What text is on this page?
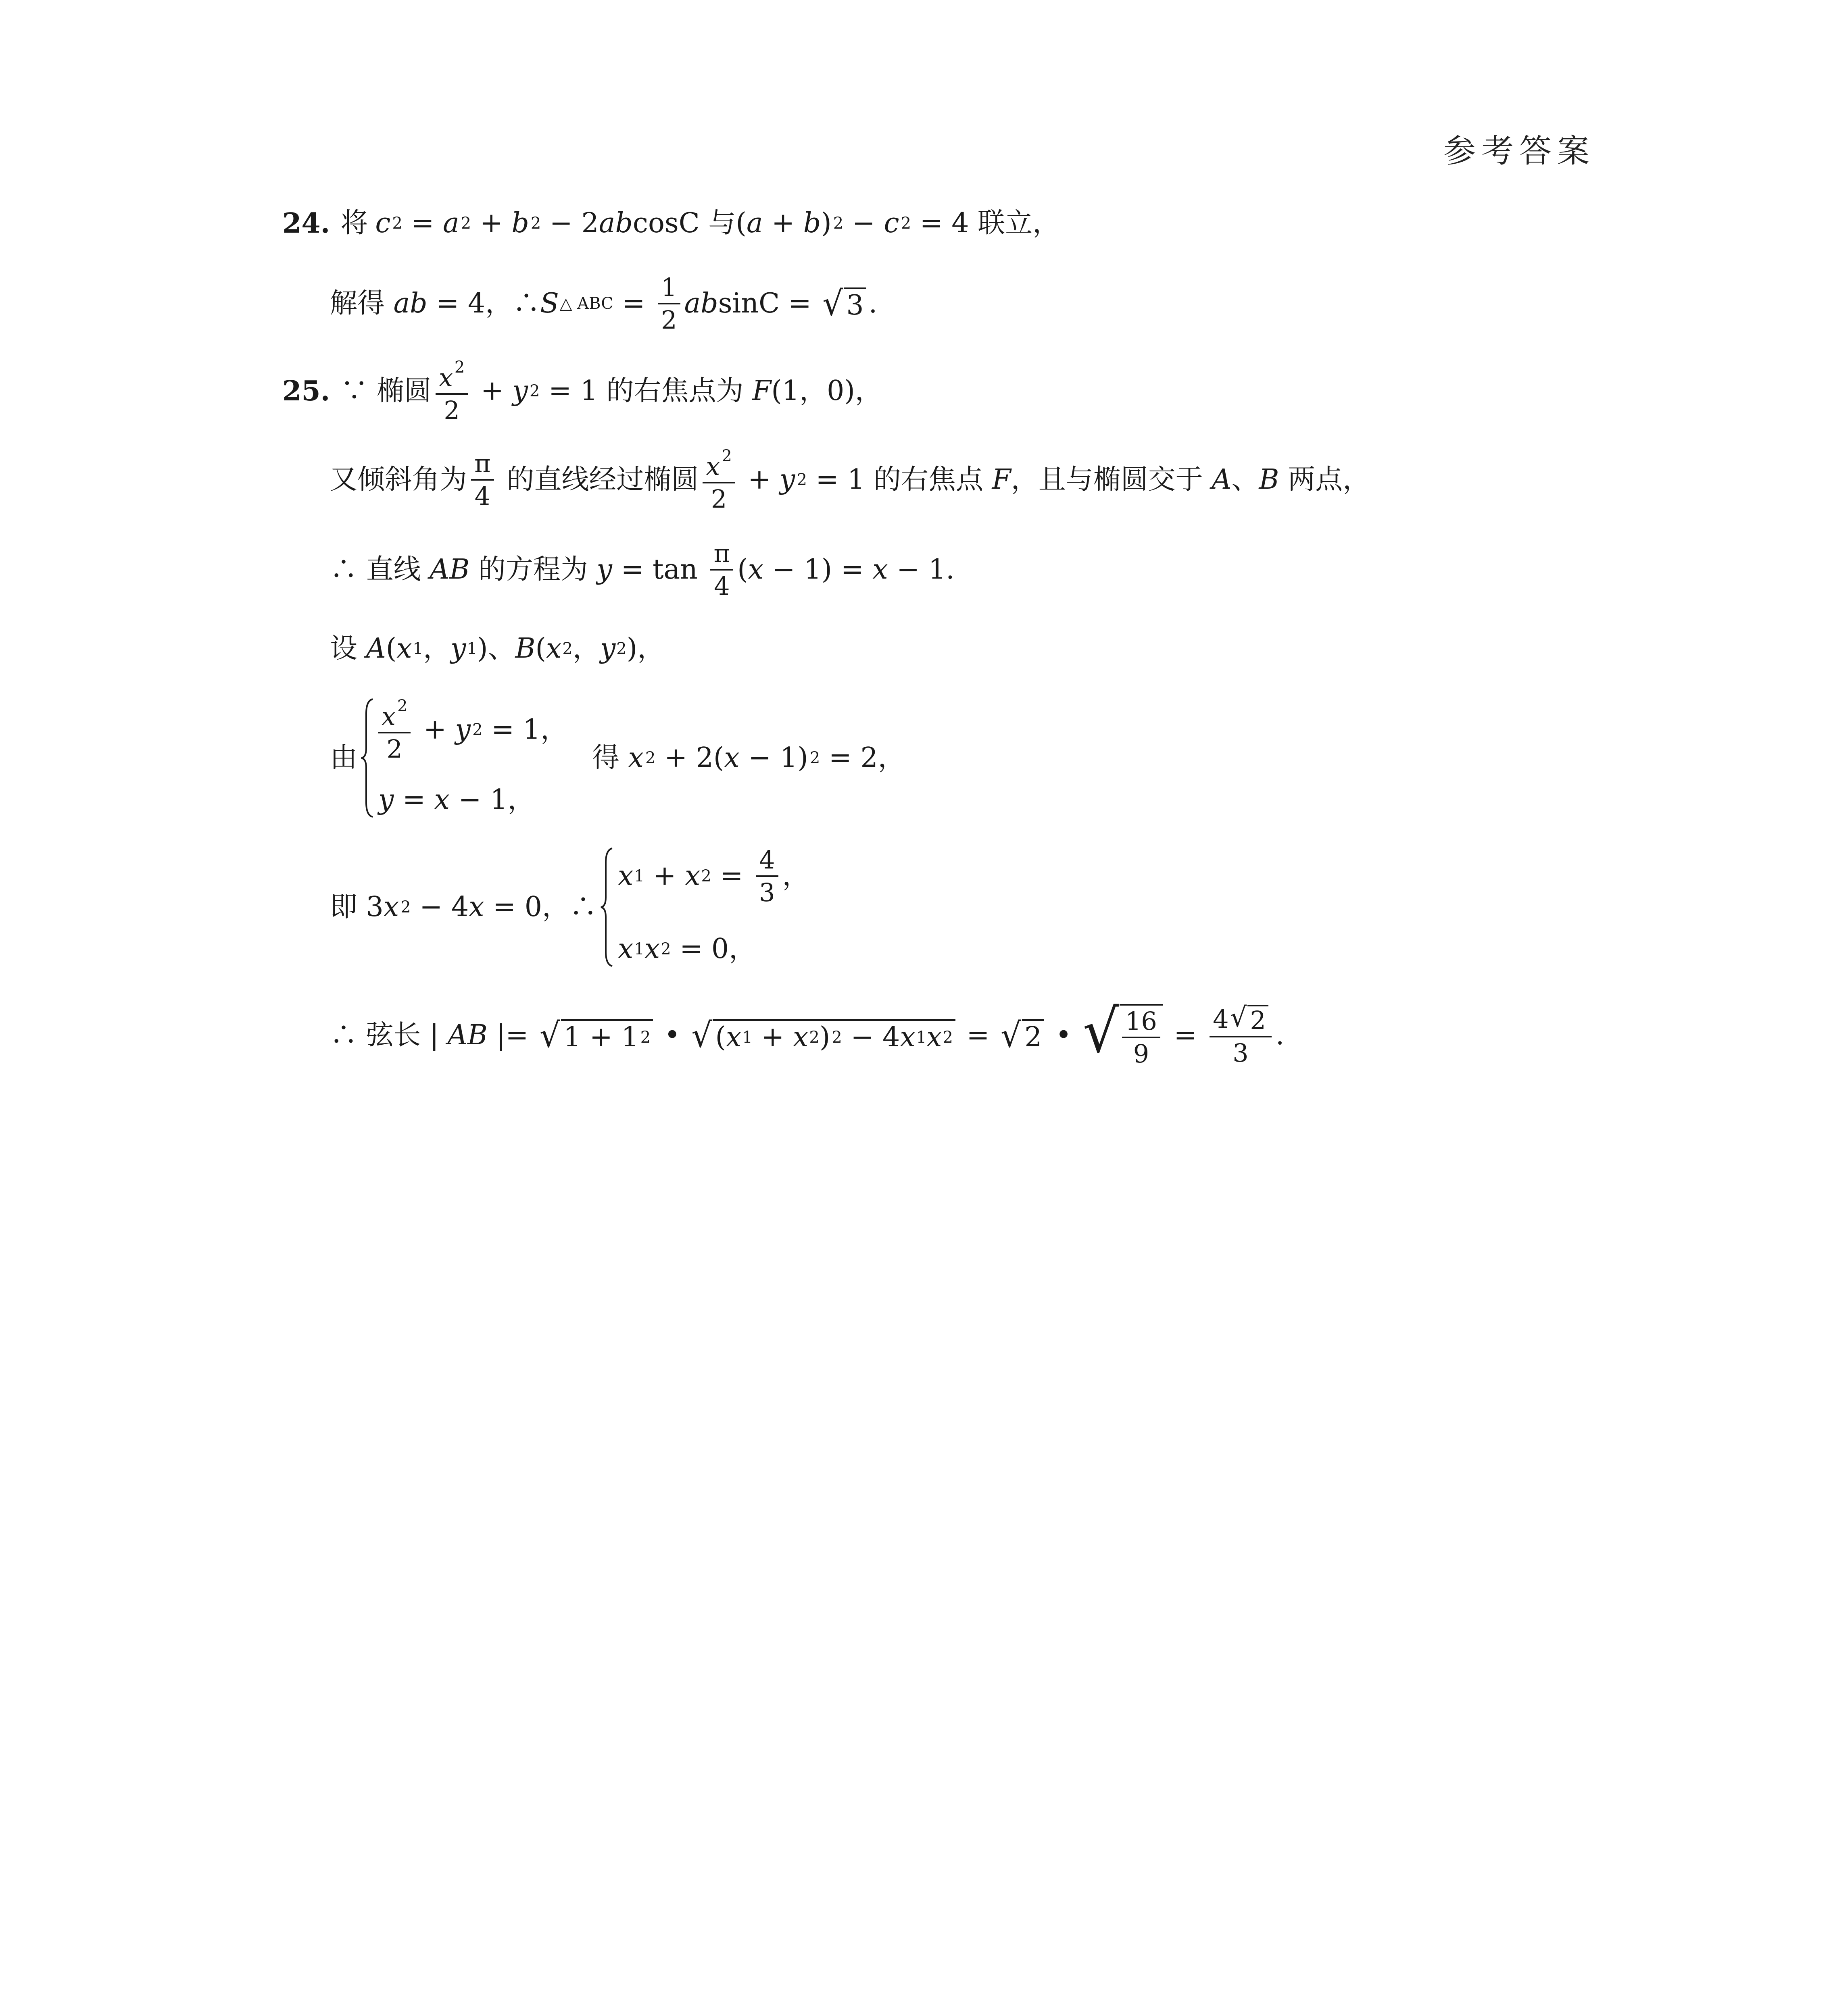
参考答案
24. 将 c 2 = a 2 + b 2 − 2 ab cosC 与( a + b ) 2 − c 2 = 4 联立，
解得 ab = 4，∴ S △ ABC = $\frac{1}{2}$ ab sinC = √ 3 .
25. ∵ 椭圆 $\frac{x ^2}{2} + y$ 2 = 1 的右焦点为 F (1，0)，
又倾斜角为 $\frac{\pi}{4}$ 的直线经过椭圆 $\frac{x ^2}{2} + y$ 2 = 1 的右焦点 F ，且与椭圆交于 A 、 B 两点，
∴ 直线 AB 的方程为 $y = \tan \frac{\pi}{4}$ ( x − 1) = x − 1.
设 A ( x 1 ， y 1 )、 B ( x 2 ， y 2 )，
由 $\frac{x ^2}{2} + y$ 2 = 1，
y = x − 1，
得 x 2 + 2( x − 1) 2 = 2，
即 3 x 2 − 4 x = 0，∴
x 1 + x $2 = \frac{4}{3}$ ，
x 1 x 2 = 0，
∴ 弦长 | AB |= √ 1 + 1 2 • √ ( x 1 + x 2 ) 2 − 4 x 1 x 2 = √ 2 • √ $\frac{16}{9} = \frac{4 √ 2}{3}$ .
